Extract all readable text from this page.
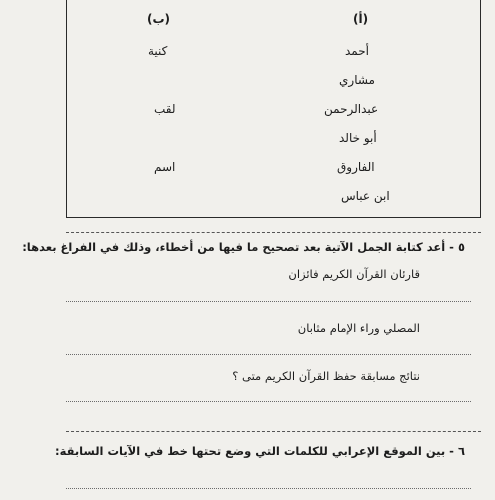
(أ)
(ب)
أحمد
مشاري
عبدالرحمن
أبو خالد
الفاروق
ابن عباس
كنية
لقب
اسم
٥ - أعد كتابة الجمل الآتية بعد تصحيح ما فيها من أخطاء، وذلك في الفراغ بعدها:
قارئان القرآن الكريم فائزان
المصلي وراء الإمام مثابان
نتائج مسابقة حفظ القرآن الكريم متى ؟
٦ - بين الموقع الإعرابي للكلمات التي وضع تحتها خط في الآيات السابقة:
